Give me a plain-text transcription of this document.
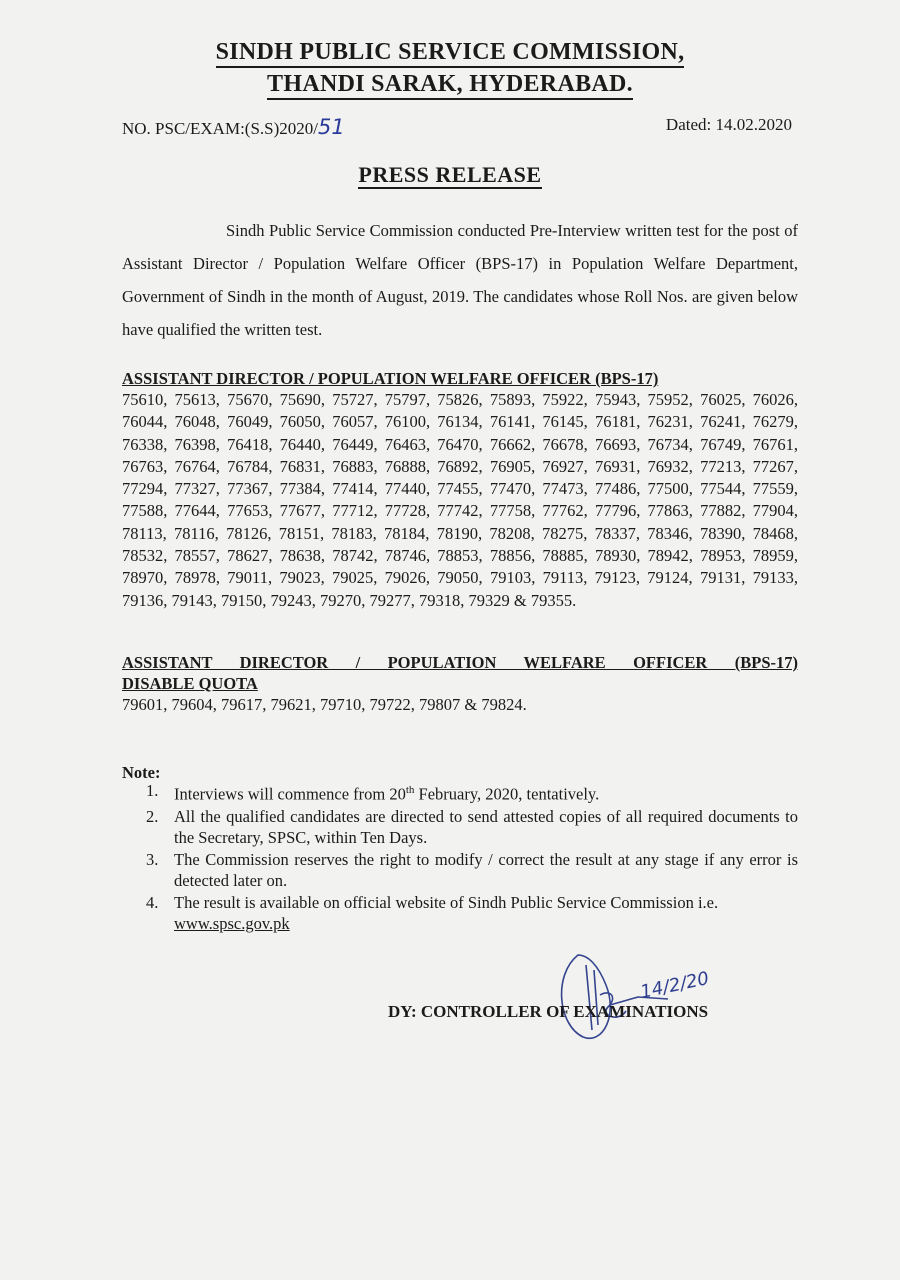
SINDH PUBLIC SERVICE COMMISSION,
THANDI SARAK, HYDERABAD.
NO. PSC/EXAM:(S.S)2020/51	Dated: 14.02.2020
PRESS RELEASE
Sindh Public Service Commission conducted Pre-Interview written test for the post of Assistant Director / Population Welfare Officer (BPS-17) in Population Welfare Department, Government of Sindh in the month of August, 2019. The candidates whose Roll Nos. are given below have qualified the written test.
ASSISTANT DIRECTOR / POPULATION WELFARE OFFICER (BPS-17)
75610, 75613, 75670, 75690, 75727, 75797, 75826, 75893, 75922, 75943, 75952, 76025, 76026, 76044, 76048, 76049, 76050, 76057, 76100, 76134, 76141, 76145, 76181, 76231, 76241, 76279, 76338, 76398, 76418, 76440, 76449, 76463, 76470, 76662, 76678, 76693, 76734, 76749, 76761, 76763, 76764, 76784, 76831, 76883, 76888, 76892, 76905, 76927, 76931, 76932, 77213, 77267, 77294, 77327, 77367, 77384, 77414, 77440, 77455, 77470, 77473, 77486, 77500, 77544, 77559, 77588, 77644, 77653, 77677, 77712, 77728, 77742, 77758, 77762, 77796, 77863, 77882, 77904, 78113, 78116, 78126, 78151, 78183, 78184, 78190, 78208, 78275, 78337, 78346, 78390, 78468, 78532, 78557, 78627, 78638, 78742, 78746, 78853, 78856, 78885, 78930, 78942, 78953, 78959, 78970, 78978, 79011, 79023, 79025, 79026, 79050, 79103, 79113, 79123, 79124, 79131, 79133, 79136, 79143, 79150, 79243, 79270, 79277, 79318, 79329 & 79355.
ASSISTANT DIRECTOR / POPULATION WELFARE OFFICER (BPS-17)
DISABLE QUOTA
79601, 79604, 79617, 79621, 79710, 79722, 79807 & 79824.
Note:
1. Interviews will commence from 20th February, 2020, tentatively.
2. All the qualified candidates are directed to send attested copies of all required documents to the Secretary, SPSC, within Ten Days.
3. The Commission reserves the right to modify / correct the result at any stage if any error is detected later on.
4. The result is available on official website of Sindh Public Service Commission i.e.
www.spsc.gov.pk
14/2/20
DY: CONTROLLER OF EXAMINATIONS
